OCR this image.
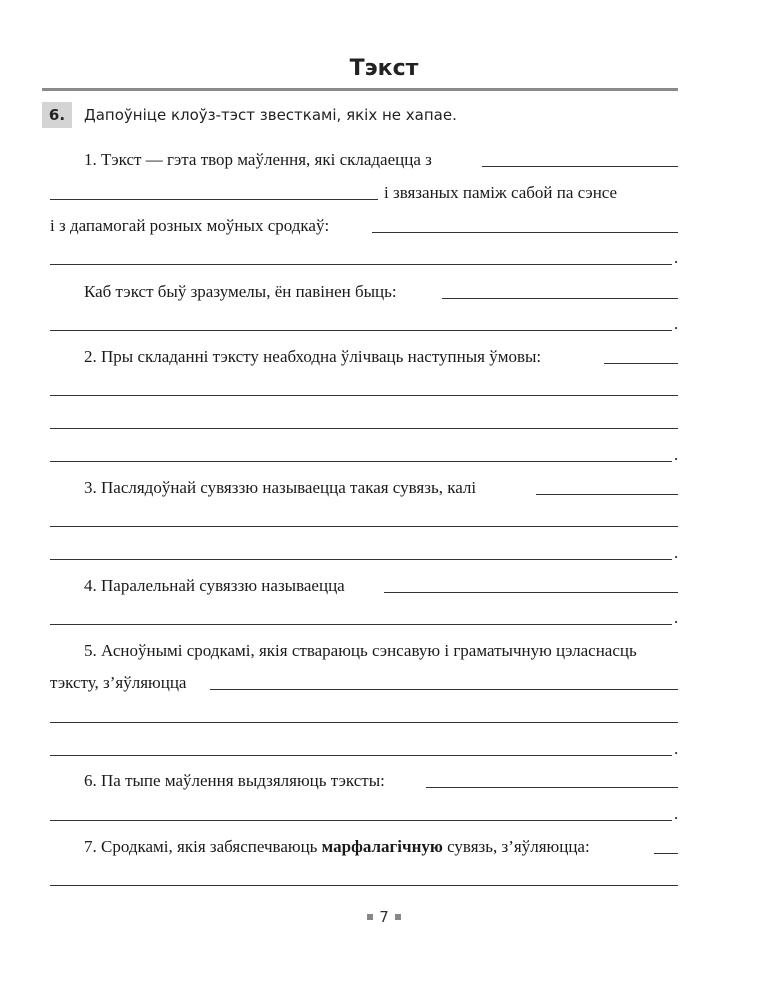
Тэкст
6.	Дапоўніце клоўз-тэст звесткамі, якіх не хапае.
1. Тэкст — гэта твор маўлення, які складаецца з
і звязаных паміж сабой па сэнсе
і з дапамогай розных моўных сродкаў:
.
Каб тэкст быў зразумелы, ён павінен быць:
.
2. Пры складанні тэксту неабходна ўлічваць наступныя ўмовы:
.
3. Паслядоўнай сувяззю называецца такая сувязь, калі
.
4. Паралельнай сувяззю называецца
.
5. Асноўнымі сродкамі, якія ствараюць сэнсавую і граматычную цэласнасць
тэксту, з’яўляюцца
.
6. Па тыпе маўлення выдзяляюць тэксты:
.
7. Сродкамі, якія забяспечваюць марфалагічную сувязь, з’яўляюцца:
7
